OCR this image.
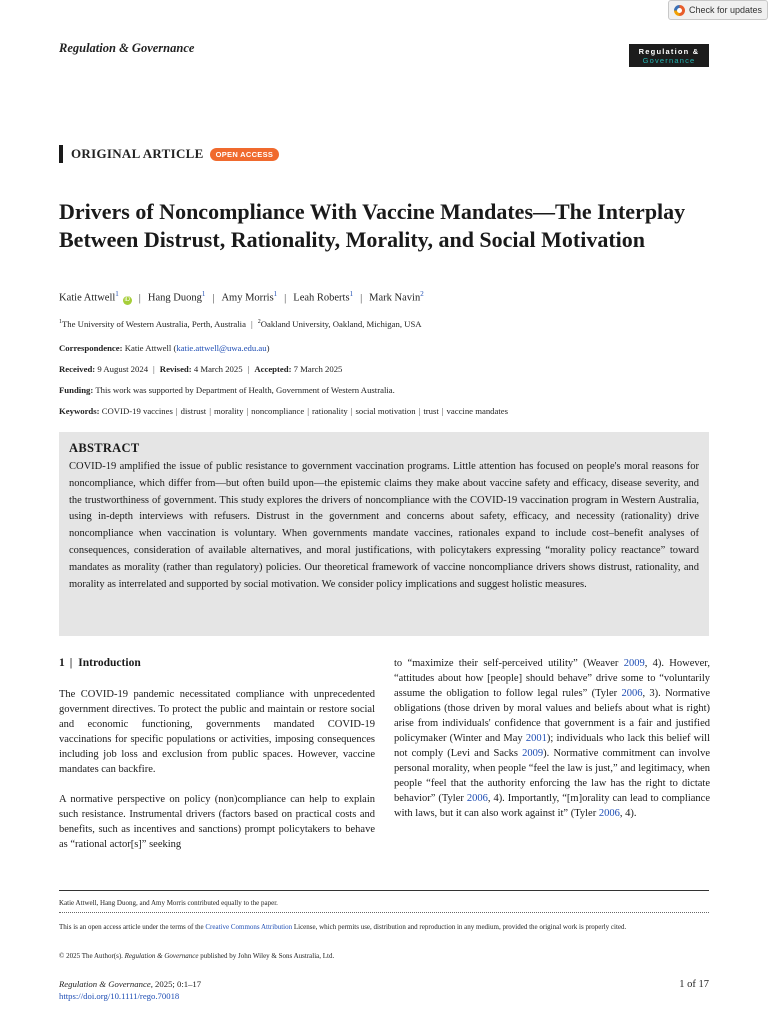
Check for updates
Regulation & Governance	Regulation &
Governance
ORIGINAL ARTICLE	OPEN ACCESS
Drivers of Noncompliance With Vaccine Mandates—The Interplay Between Distrust, Rationality, Morality, and Social Motivation
Katie Attwell$^1$iD | Hang Duong$^1$ | Amy Morris$^1$ | Leah Roberts$^1$ | Mark Navin$^2$
$^1$The University of Western Australia, Perth, Australia | $^2$Oakland University, Oakland, Michigan, USA
Correspondence: Katie Attwell (katie.attwell@uwa.edu.au)
Received: 9 August 2024 | Revised: 4 March 2025 | Accepted: 7 March 2025
Funding: This work was supported by Department of Health, Government of Western Australia.
Keywords: COVID-19 vaccines | distrust | morality | noncompliance | rationality | social motivation | trust | vaccine mandates
ABSTRACT
COVID-19 amplified the issue of public resistance to government vaccination programs. Little attention has focused on people's moral reasons for noncompliance, which differ from—but often build upon—the epistemic claims they make about vaccine safety and efficacy, disease severity, and the trustworthiness of government. This study explores the drivers of noncompliance with the COVID-19 vaccination program in Western Australia, using in-depth interviews with refusers. Distrust in the government and concerns about safety, efficacy, and necessity (rationality) drive noncompliance when vaccination is voluntary. When governments mandate vaccines, rationales expand to include cost–benefit analyses of consequences, consideration of available alternatives, and moral justifications, with policytakers expressing “morality policy reactance” toward mandates as morality (rather than regulatory) policies. Our theoretical framework of vaccine noncompliance drivers shows distrust, rationality, and morality as interrelated and supported by social motivation. We consider policy implications and suggest holistic measures.
1 | Introduction

The COVID-19 pandemic necessitated compliance with unprecedented government directives. To protect the public and maintain or restore social and economic functioning, governments mandated COVID-19 vaccinations for specific populations or activities, imposing consequences including job loss and exclusion from public spaces. However, vaccine mandates can backfire.

A normative perspective on policy (non)compliance can help to explain such resistance. Instrumental drivers (factors based on practical costs and benefits, such as incentives and sanctions) prompt policytakers to behave as “rational actor[s]” seeking

to “maximize their self-perceived utility” (Weaver 2009, 4). However, “attitudes about how [people] should behave” drive some to “voluntarily assume the obligation to follow legal rules” (Tyler 2006, 3). Normative obligations (those driven by moral values and beliefs about what is right) arise from individuals' confidence that government is a fair and justified policymaker (Winter and May 2001); individuals who lack this belief will not comply (Levi and Sacks 2009). Normative commitment can involve personal morality, when people “feel the law is just,” and legitimacy, when people “feel that the authority enforcing the law has the right to dictate behavior” (Tyler 2006, 4). Importantly, “[m]orality can lead to compliance with laws, but it can also work against it” (Tyler 2006, 4).

Katie Attwell, Hang Duong, and Amy Morris contributed equally to the paper.
This is an open access article under the terms of the Creative Commons Attribution License, which permits use, distribution and reproduction in any medium, provided the original work is properly cited.
© 2025 The Author(s). Regulation & Governance published by John Wiley & Sons Australia, Ltd.
Regulation & Governance, 2025; 0:1–17
https://doi.org/10.1111/rego.70018
1 of 17
